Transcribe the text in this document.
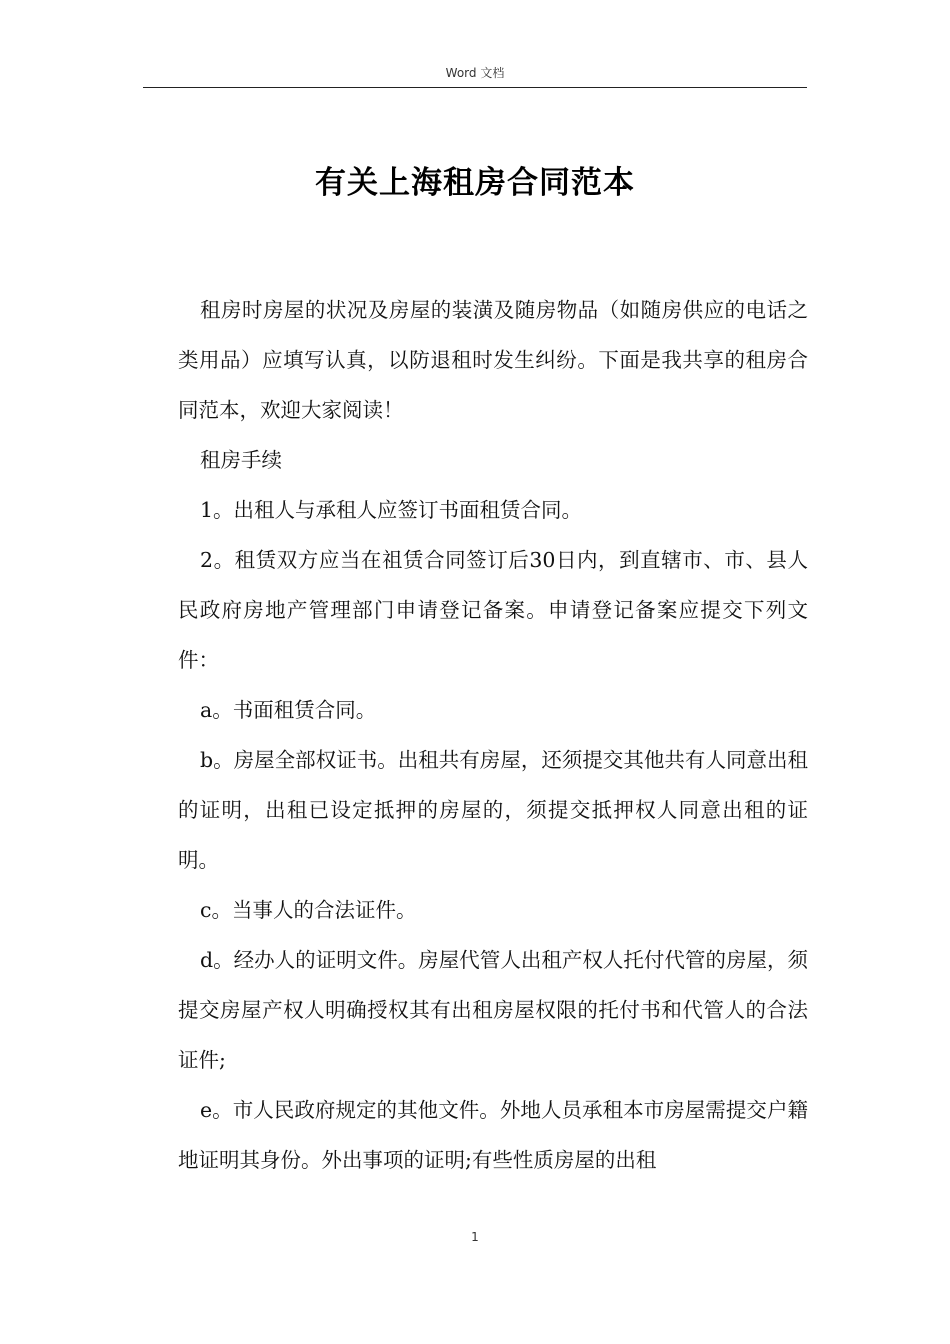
Word 文档
有关上海租房合同范本

租房时房屋的状况及房屋的装潢及随房物品（如随房供应的电话之类用品）应填写认真，以防退租时发生纠纷。下面是我共享的租房合同范本，欢迎大家阅读！

租房手续

1。出租人与承租人应签订书面租赁合同。

2。租赁双方应当在祖赁合同签订后30日内，到直辖市、市、县人民政府房地产管理部门申请登记备案。申请登记备案应提交下列文件：

a。书面租赁合同。

b。房屋全部权证书。出租共有房屋，还须提交其他共有人同意出租的证明，出租已设定抵押的房屋的，须提交抵押权人同意出租的证明。

c。当事人的合法证件。

d。经办人的证明文件。房屋代管人出租产权人托付代管的房屋，须提交房屋产权人明确授权其有出租房屋权限的托付书和代管人的合法证件;

e。市人民政府规定的其他文件。外地人员承租本市房屋需提交户籍地证明其身份。外出事项的证明;有些性质房屋的出租

1
